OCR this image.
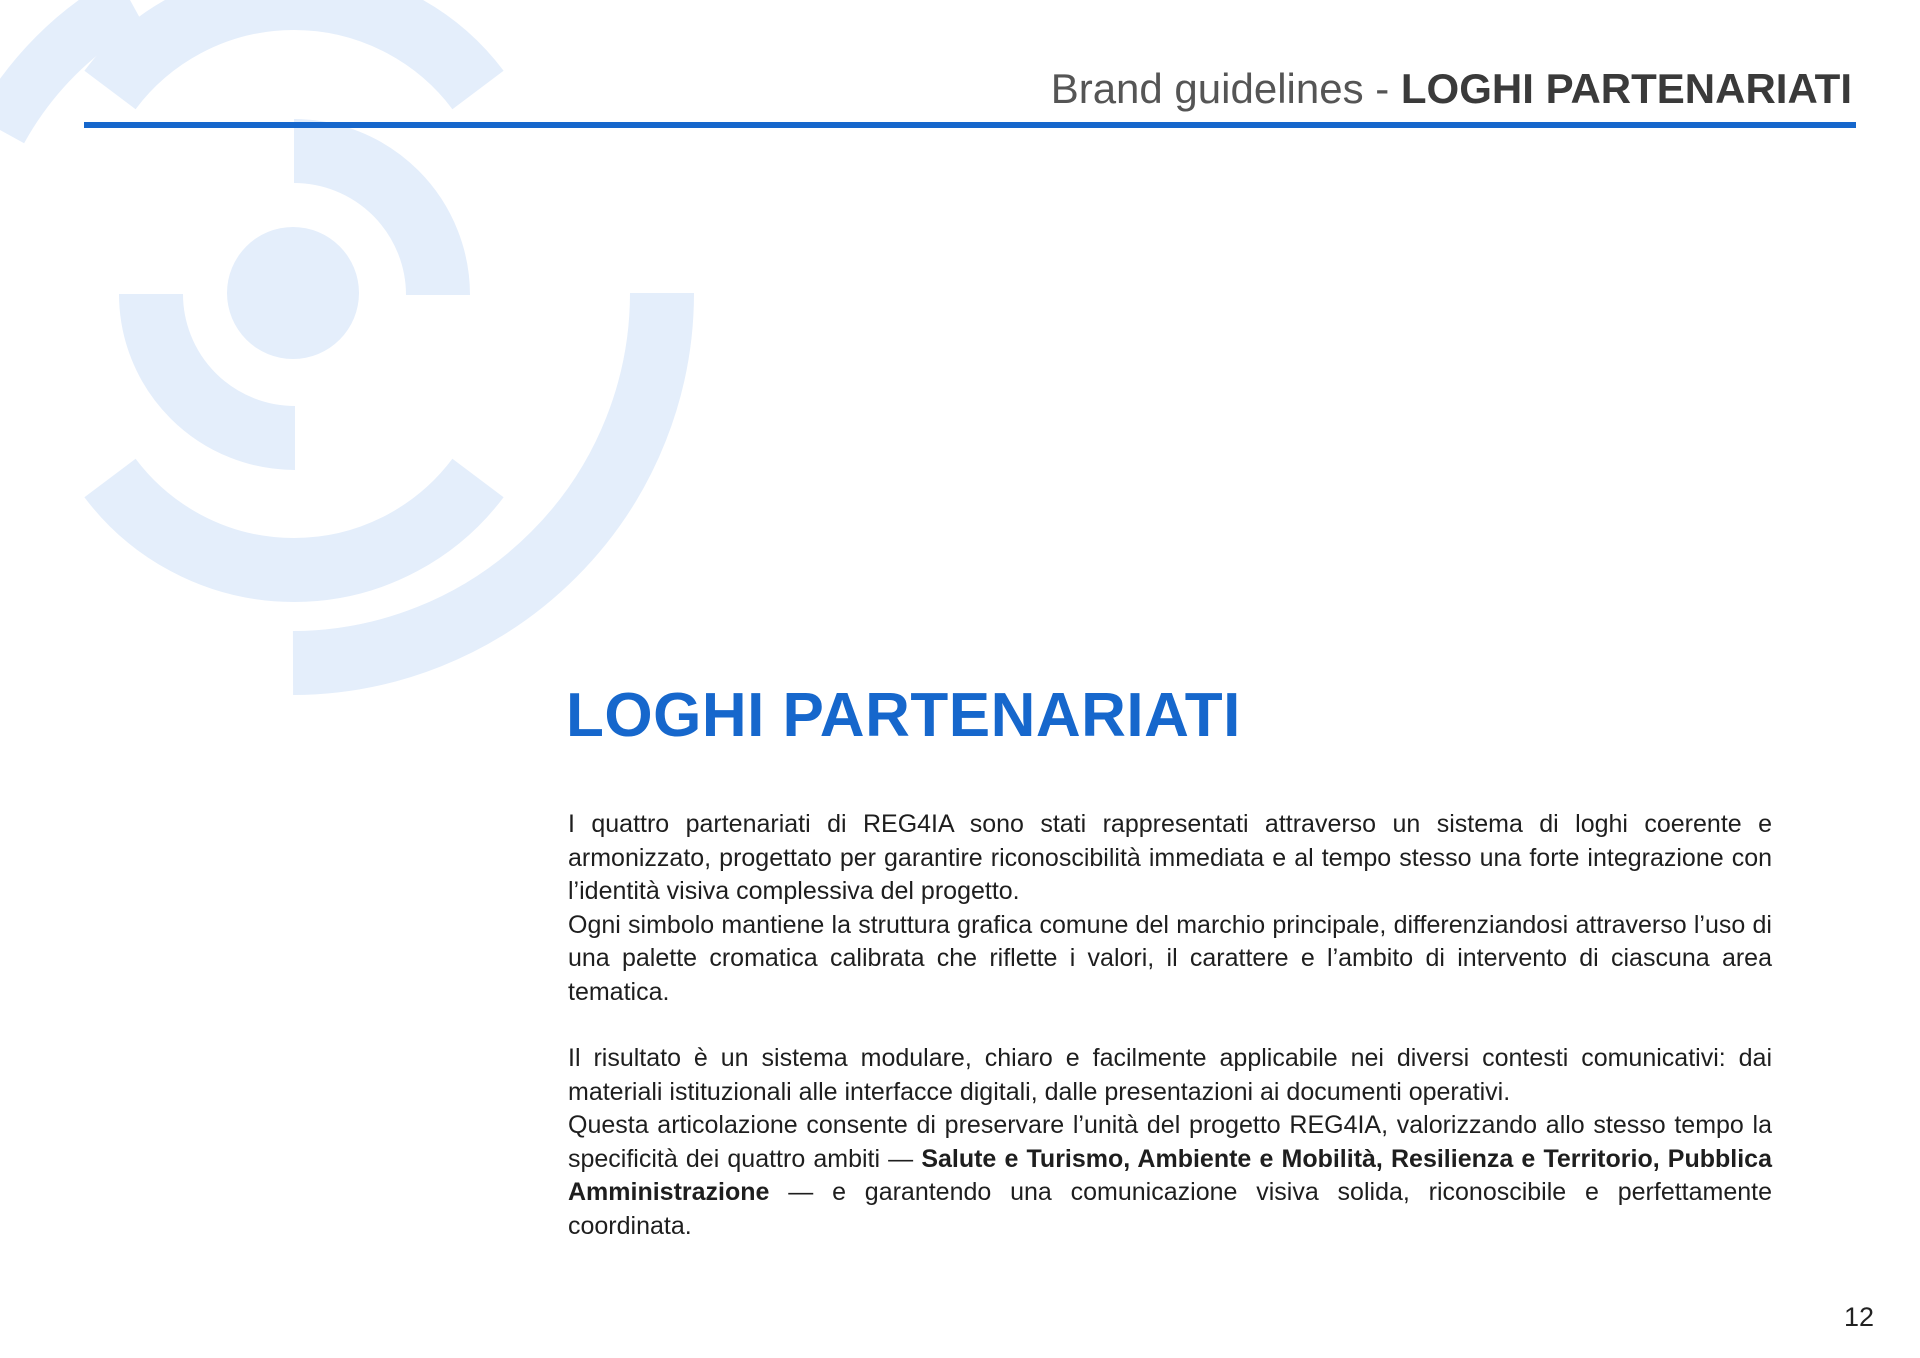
Brand guidelines - LOGHI PARTENARIATI
LOGHI PARTENARIATI

I quattro partenariati di REG4IA sono stati rappresentati attraverso un sistema di loghi coerente e armonizzato, progettato per garantire riconoscibilità immediata e al tempo stesso una forte integrazione con l’identità visiva complessiva del progetto.

Ogni simbolo mantiene la struttura grafica comune del marchio principale, differenziandosi attraverso l’uso di una palette cromatica calibrata che riflette i valori, il carattere e l’ambito di intervento di ciascuna area tematica.

Il risultato è un sistema modulare, chiaro e facilmente applicabile nei diversi contesti comunicativi: dai materiali istituzionali alle interfacce digitali, dalle presentazioni ai documenti operativi.

Questa articolazione consente di preservare l’unità del progetto REG4IA, valorizzando allo stesso tempo la specificità dei quattro ambiti — Salute e Turismo, Ambiente e Mobilità, Resilienza e Territorio, Pubblica Amministrazione — e garantendo una comunicazione visiva solida, riconoscibile e perfettamente coordinata.

12
